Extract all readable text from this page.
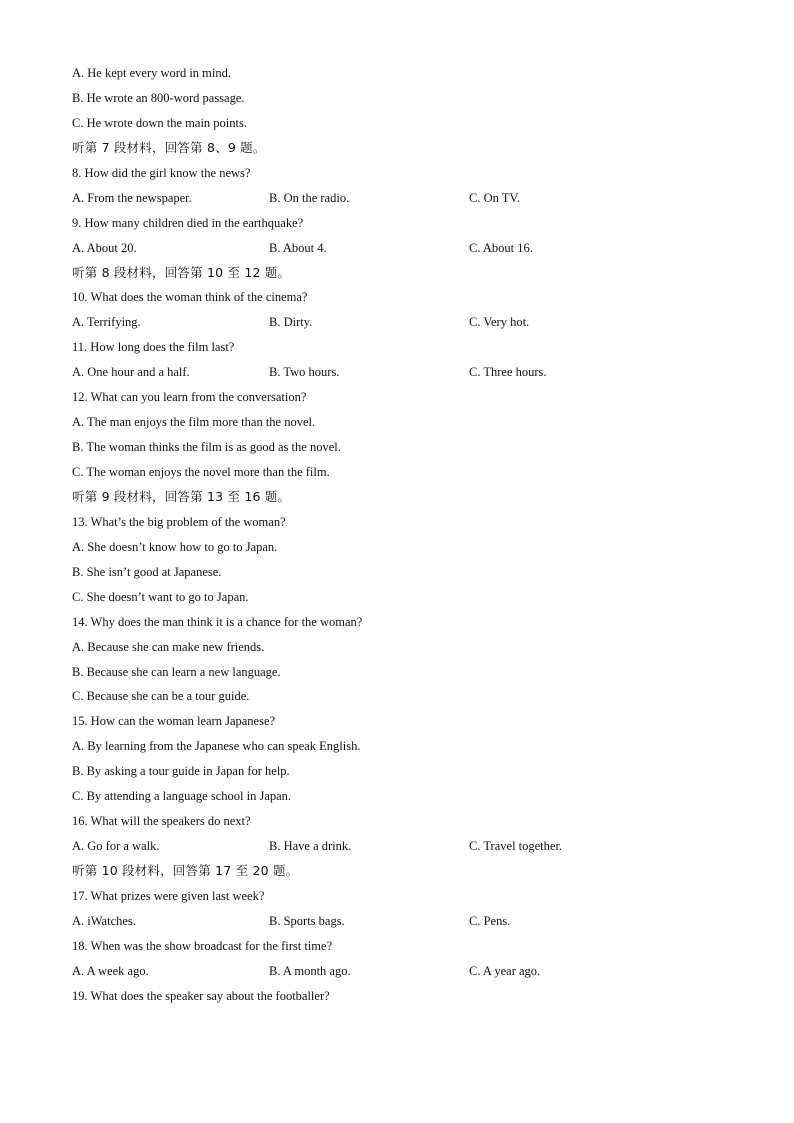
A. He kept every word in mind.
B. He wrote an 800-word passage.
C. He wrote down the main points.
听第 7 段材料，回答第 8、9 题。
8. How did the girl know the news?
A. From the newspaper.	B. On the radio.	C. On TV.
9. How many children died in the earthquake?
A. About 20.	B. About 4.	C. About 16.
听第 8 段材料，回答第 10 至 12 题。
10. What does the woman think of the cinema?
A. Terrifying.	B. Dirty.	C. Very hot.
11. How long does the film last?
A. One hour and a half.	B. Two hours.	C. Three hours.
12. What can you learn from the conversation?
A. The man enjoys the film more than the novel.
B. The woman thinks the film is as good as the novel.
C. The woman enjoys the novel more than the film.
听第 9 段材料，回答第 13 至 16 题。
13. What’s the big problem of the woman?
A. She doesn’t know how to go to Japan.
B. She isn’t good at Japanese.
C. She doesn’t want to go to Japan.
14. Why does the man think it is a chance for the woman?
A. Because she can make new friends.
B. Because she can learn a new language.
C. Because she can be a tour guide.
15. How can the woman learn Japanese?
A. By learning from the Japanese who can speak English.
B. By asking a tour guide in Japan for help.
C. By attending a language school in Japan.
16. What will the speakers do next?
A. Go for a walk.	B. Have a drink.	C. Travel together.
听第 10 段材料，回答第 17 至 20 题。
17. What prizes were given last week?
A. iWatches.	B. Sports bags.	C. Pens.
18. When was the show broadcast for the first time?
A. A week ago.	B. A month ago.	C. A year ago.
19. What does the speaker say about the footballer?
